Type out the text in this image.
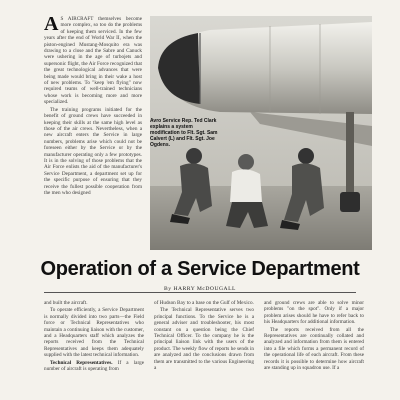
A S AIRCRAFT themselves become more complex, so too do the problems of keeping them serviced. In the few years after the end of World War II, when the piston-engined Mustang-Mosquito era was drawing to a close and the Sabre and Canuck were ushering in the age of turbojets and supersonic flight, the Air Force recognized that the great technological advances that were being made would bring in their wake a host of new problems. To "keep 'em flying" now required teams of well-trained technicians whose work is becoming more and more specialized.

The training programs initiated for the benefit of ground crews have succeeded in keeping their skills at the same high level as those of the air crews. Nevertheless, when a new aircraft enters the Service in large numbers, problems arise which could not be foreseen either by the Service or by the manufacturer operating only a few prototypes. It is in the solving of those problems that the Air Force enlists the aid of the manufacturer's Service Department, a department set up for the specific purpose of ensuring that they receive the fullest possible cooperation from the men who designed

Avro Service Rep. Ted Clark explains a system modification to Flt. Sgt. Sam Calvert (L) and Flt. Sgt. Joe Ogdens.
Operation of a Service Department
By HARRY McDOUGALL

and built the aircraft.

To operate efficiently, a Service Department is normally divided into two parts—the Field force or Technical Representatives who maintain a continuing liaison with the customer, and a Headquarters staff which analyzes the reports received from the Technical Representatives and keeps them adequately supplied with the latest technical information.

Technical Representatives. If a large number of aircraft is operating from

of Hudson Bay to a base on the Gulf of Mexico.

The Technical Representative serves two principal functions. To the Service he is a general adviser and troubleshooter, his most constant on a question being the Chief Technical Officer. To the company he is the principal liaison link with the users of the product. The weekly flow of reports he sends in are analyzed and the conclusions drawn from them are transmitted to the various Engineering a

and ground crews are able to solve minor problems "on the spot". Only if a major problem arises should he have to refer back to his Headquarters for additional information.

The reports received from all the Representatives are continually collated and analyzed and information from them is entered into a file which forms a permanent record of the operational life of each aircraft. From these records it is possible to determine how aircraft are standing up in squadron use. If a
